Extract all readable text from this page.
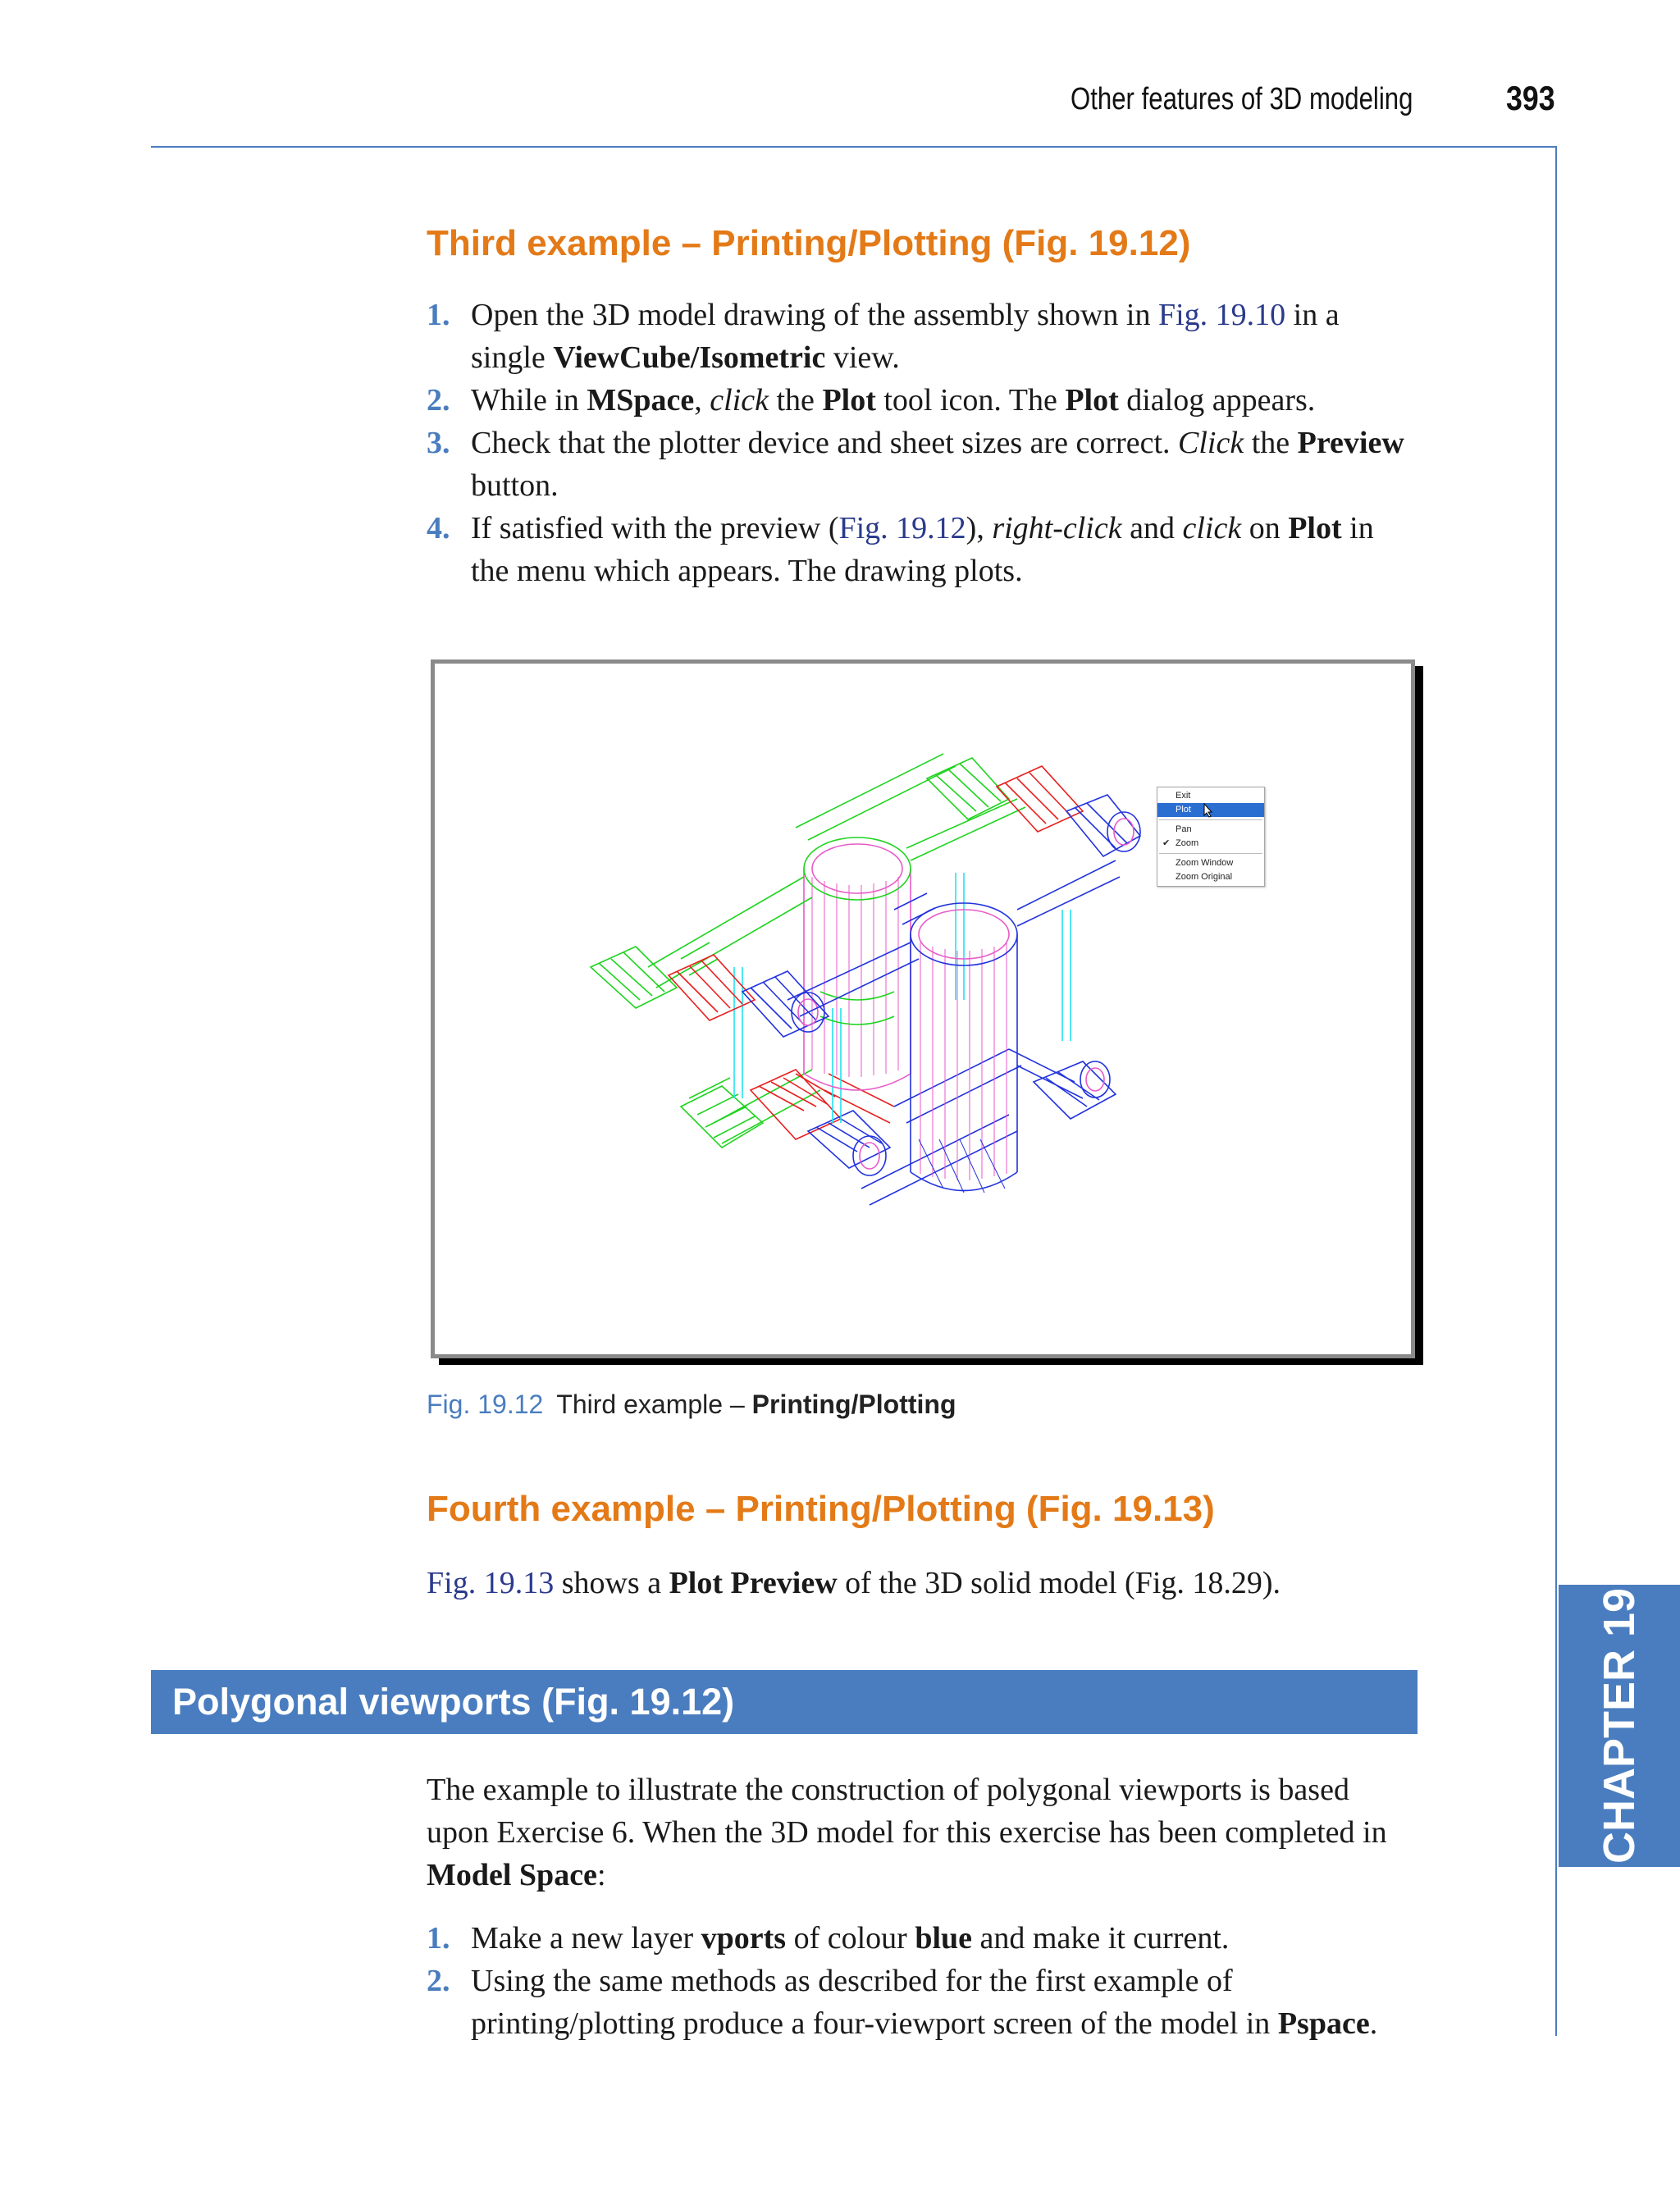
Other features of 3D modeling	393
CHAPTER 19
Third example – Printing/Plotting (Fig. 19.12)
1. Open the 3D model drawing of the assembly shown in Fig. 19.10 in a single ViewCube/Isometric view.
2. While in MSpace, click the Plot tool icon. The Plot dialog appears.
3. Check that the plotter device and sheet sizes are correct. Click the Preview button.
4. If satisfied with the preview (Fig. 19.12), right-click and click on Plot in the menu which appears. The drawing plots.
Exit
Plot
Pan
✔ Zoom
Zoom Window
Zoom Original
Fig. 19.12 Third example – Printing/Plotting
Fourth example – Printing/Plotting (Fig. 19.13)

Fig. 19.13 shows a Plot Preview of the 3D solid model (Fig. 18.29).

Polygonal viewports (Fig. 19.12)

The example to illustrate the construction of polygonal viewports is based upon Exercise 6. When the 3D model for this exercise has been completed in Model Space:

1. Make a new layer vports of colour blue and make it current.
2. Using the same methods as described for the first example of printing/plotting produce a four-viewport screen of the model in Pspace.
